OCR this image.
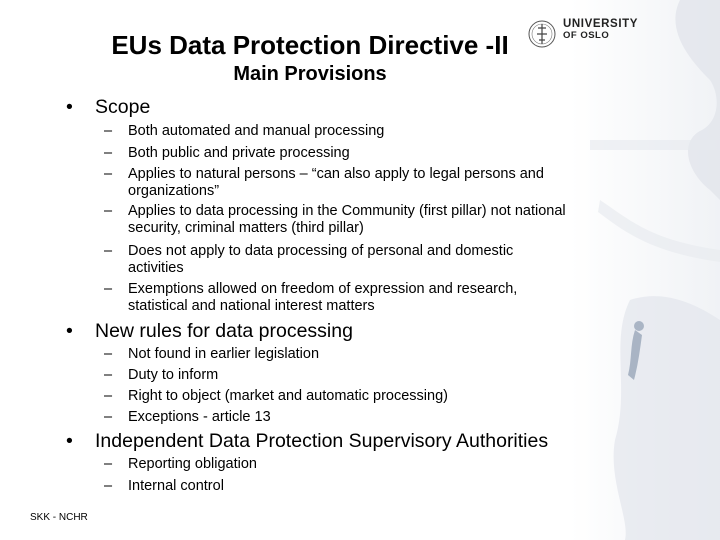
UNIVERSITY
OF OSLO
EUs Data Protection Directive -II
Main Provisions
• Scope
– Both automated and manual processing
– Both public and private processing
– Applies to natural persons – “can also apply to legal persons and organizations”
– Applies to data processing in the Community (first pillar) not national security, criminal matters (third pillar)
– Does not apply to data processing of personal and domestic activities
– Exemptions allowed on freedom of expression and research, statistical and national interest matters
• New rules for data processing
– Not found in earlier legislation
– Duty to inform
– Right to object (market and automatic processing)
– Exceptions - article 13
• Independent Data Protection Supervisory Authorities
– Reporting obligation
– Internal control
SKK - NCHR
